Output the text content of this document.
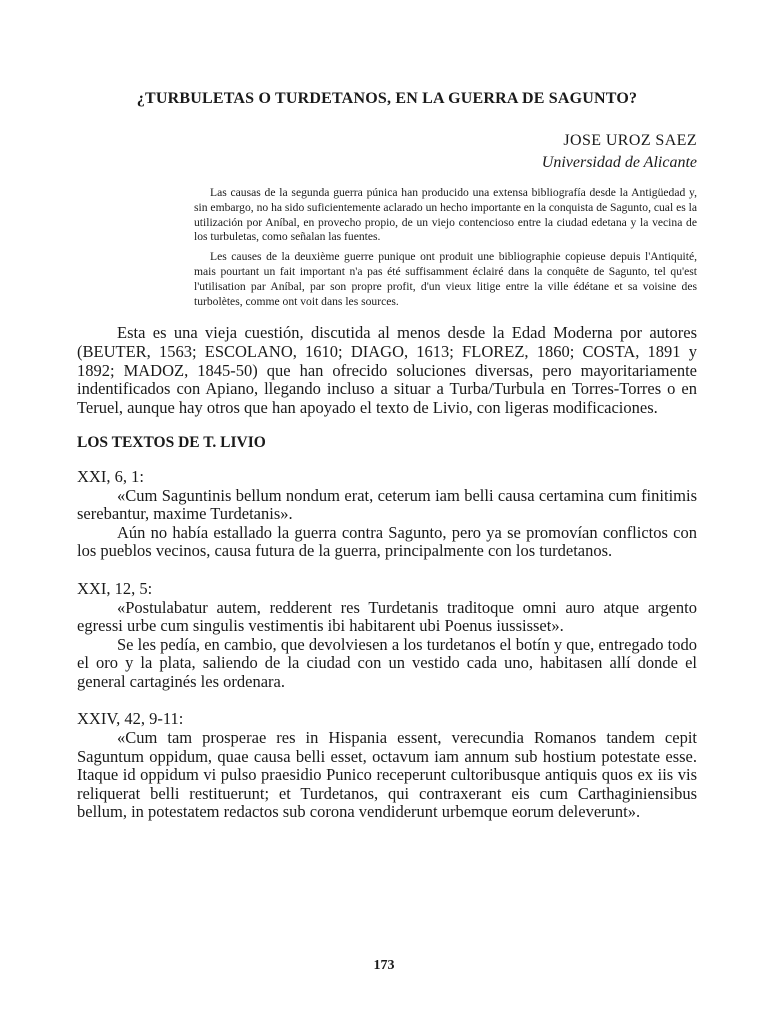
¿TURBULETAS O TURDETANOS, EN LA GUERRA DE SAGUNTO?
JOSE UROZ SAEZ
Universidad de Alicante

Las causas de la segunda guerra púnica han producido una extensa bibliografía desde la Antigüedad y, sin embargo, no ha sido suficientemente aclarado un hecho importante en la conquista de Sagunto, cual es la utilización por Aníbal, en provecho propio, de un viejo contencioso entre la ciudad edetana y la vecina de los turbuletas, como señalan las fuentes.

Les causes de la deuxième guerre punique ont produit une bibliographie copieuse depuis l'Antiquité, mais pourtant un fait important n'a pas été suffisamment éclairé dans la conquête de Sagunto, tel qu'est l'utilisation par Aníbal, par son propre profit, d'un vieux litige entre la ville édétane et sa voisine des turbolètes, comme ont voit dans les sources.

Esta es una vieja cuestión, discutida al menos desde la Edad Moderna por autores (BEUTER, 1563; ESCOLANO, 1610; DIAGO, 1613; FLOREZ, 1860; COSTA, 1891 y 1892; MADOZ, 1845-50) que han ofrecido soluciones diversas, pero mayoritariamente indentificados con Apiano, llegando incluso a situar a Turba/Turbula en Torres-Torres o en Teruel, aunque hay otros que han apoyado el texto de Livio, con ligeras modificaciones.

LOS TEXTOS DE T. LIVIO

XXI, 6, 1:

«Cum Saguntinis bellum nondum erat, ceterum iam belli causa certamina cum finitimis serebantur, maxime Turdetanis».

Aún no había estallado la guerra contra Sagunto, pero ya se promovían conflictos con los pueblos vecinos, causa futura de la guerra, principalmente con los turdetanos.

XXI, 12, 5:

«Postulabatur autem, redderent res Turdetanis traditoque omni auro atque argento egressi urbe cum singulis vestimentis ibi habitarent ubi Poenus iussisset».

Se les pedía, en cambio, que devolviesen a los turdetanos el botín y que, entregado todo el oro y la plata, saliendo de la ciudad con un vestido cada uno, habitasen allí donde el general cartaginés les ordenara.

XXIV, 42, 9-11:

«Cum tam prosperae res in Hispania essent, verecundia Romanos tandem cepit Saguntum oppidum, quae causa belli esset, octavum iam annum sub hostium potestate esse. Itaque id oppidum vi pulso praesidio Punico receperunt cultoribusque antiquis quos ex iis vis reliquerat belli restituerunt; et Turdetanos, qui contraxerant eis cum Carthaginiensibus bellum, in potestatem redactos sub corona vendiderunt urbemque eorum deleverunt».

173
